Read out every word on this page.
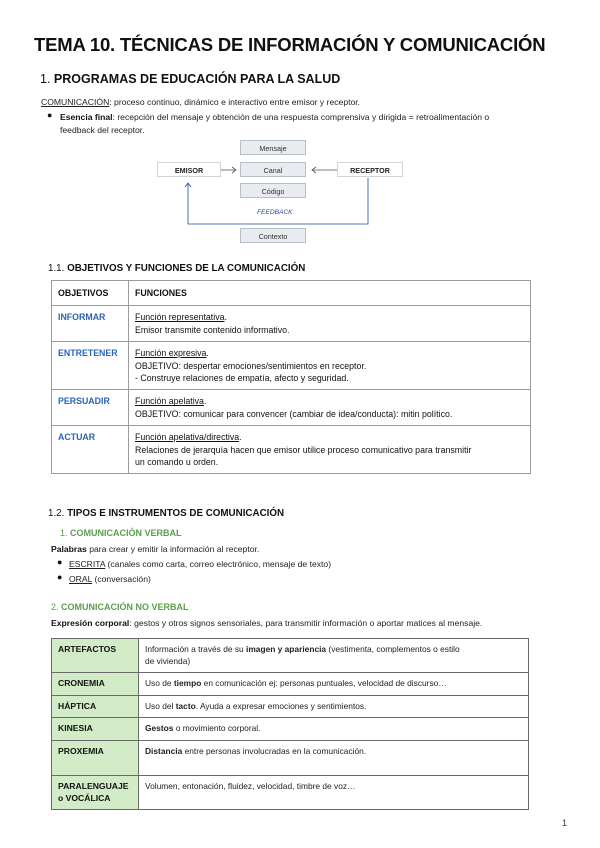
TEMA 10. TÉCNICAS DE INFORMACIÓN Y COMUNICACIÓN
1. PROGRAMAS DE EDUCACIÓN PARA LA SALUD
COMUNICACIÓN: proceso continuo, dinámico e interactivo entre emisor y receptor.
● Esencia final: recepción del mensaje y obtención de una respuesta comprensiva y dirigida = retroalimentación o
feedback del receptor.
Mensaje
EMISOR	Canal	RECEPTOR
Código
FEEDBACK
Contexto
1.1. OBJETIVOS Y FUNCIONES DE LA COMUNICACIÓN
OBJETIVOS	FUNCIONES
INFORMAR	Función representativa.
Emisor transmite contenido informativo.
ENTRETENER	Función expresiva.
OBJETIVO: despertar emociones/sentimientos en receptor.
- Construye relaciones de empatía, afecto y seguridad.
PERSUADIR	Función apelativa.
OBJETIVO: comunicar para convencer (cambiar de idea/conducta): mitin político.
ACTUAR	Función apelativa/directiva.
Relaciones de jerarquía hacen que emisor utilice proceso comunicativo para transmitir
un comando u orden.
1.2. TIPOS E INSTRUMENTOS DE COMUNICACIÓN
1. COMUNICACIÓN VERBAL
Palabras para crear y emitir la información al receptor.
● ESCRITA (canales como carta, correo electrónico, mensaje de texto)
● ORAL (conversación)
2. COMUNICACIÓN NO VERBAL
Expresión corporal: gestos y otros signos sensoriales, para transmitir información o aportar matices al mensaje.
ARTEFACTOS	Información a través de su imagen y apariencia (vestimenta, complementos o estilo
de vivienda)
CRONEMIA	Uso de tiempo en comunicación ej: personas puntuales, velocidad de discurso…
HÁPTICA	Uso del tacto. Ayuda a expresar emociones y sentimientos.
KINESIA	Gestos o movimiento corporal.
PROXEMIA	Distancia entre personas involucradas en la comunicación.
PARALENGUAJE o VOCÁLICA	Volumen, entonación, fluidez, velocidad, timbre de voz…
1
